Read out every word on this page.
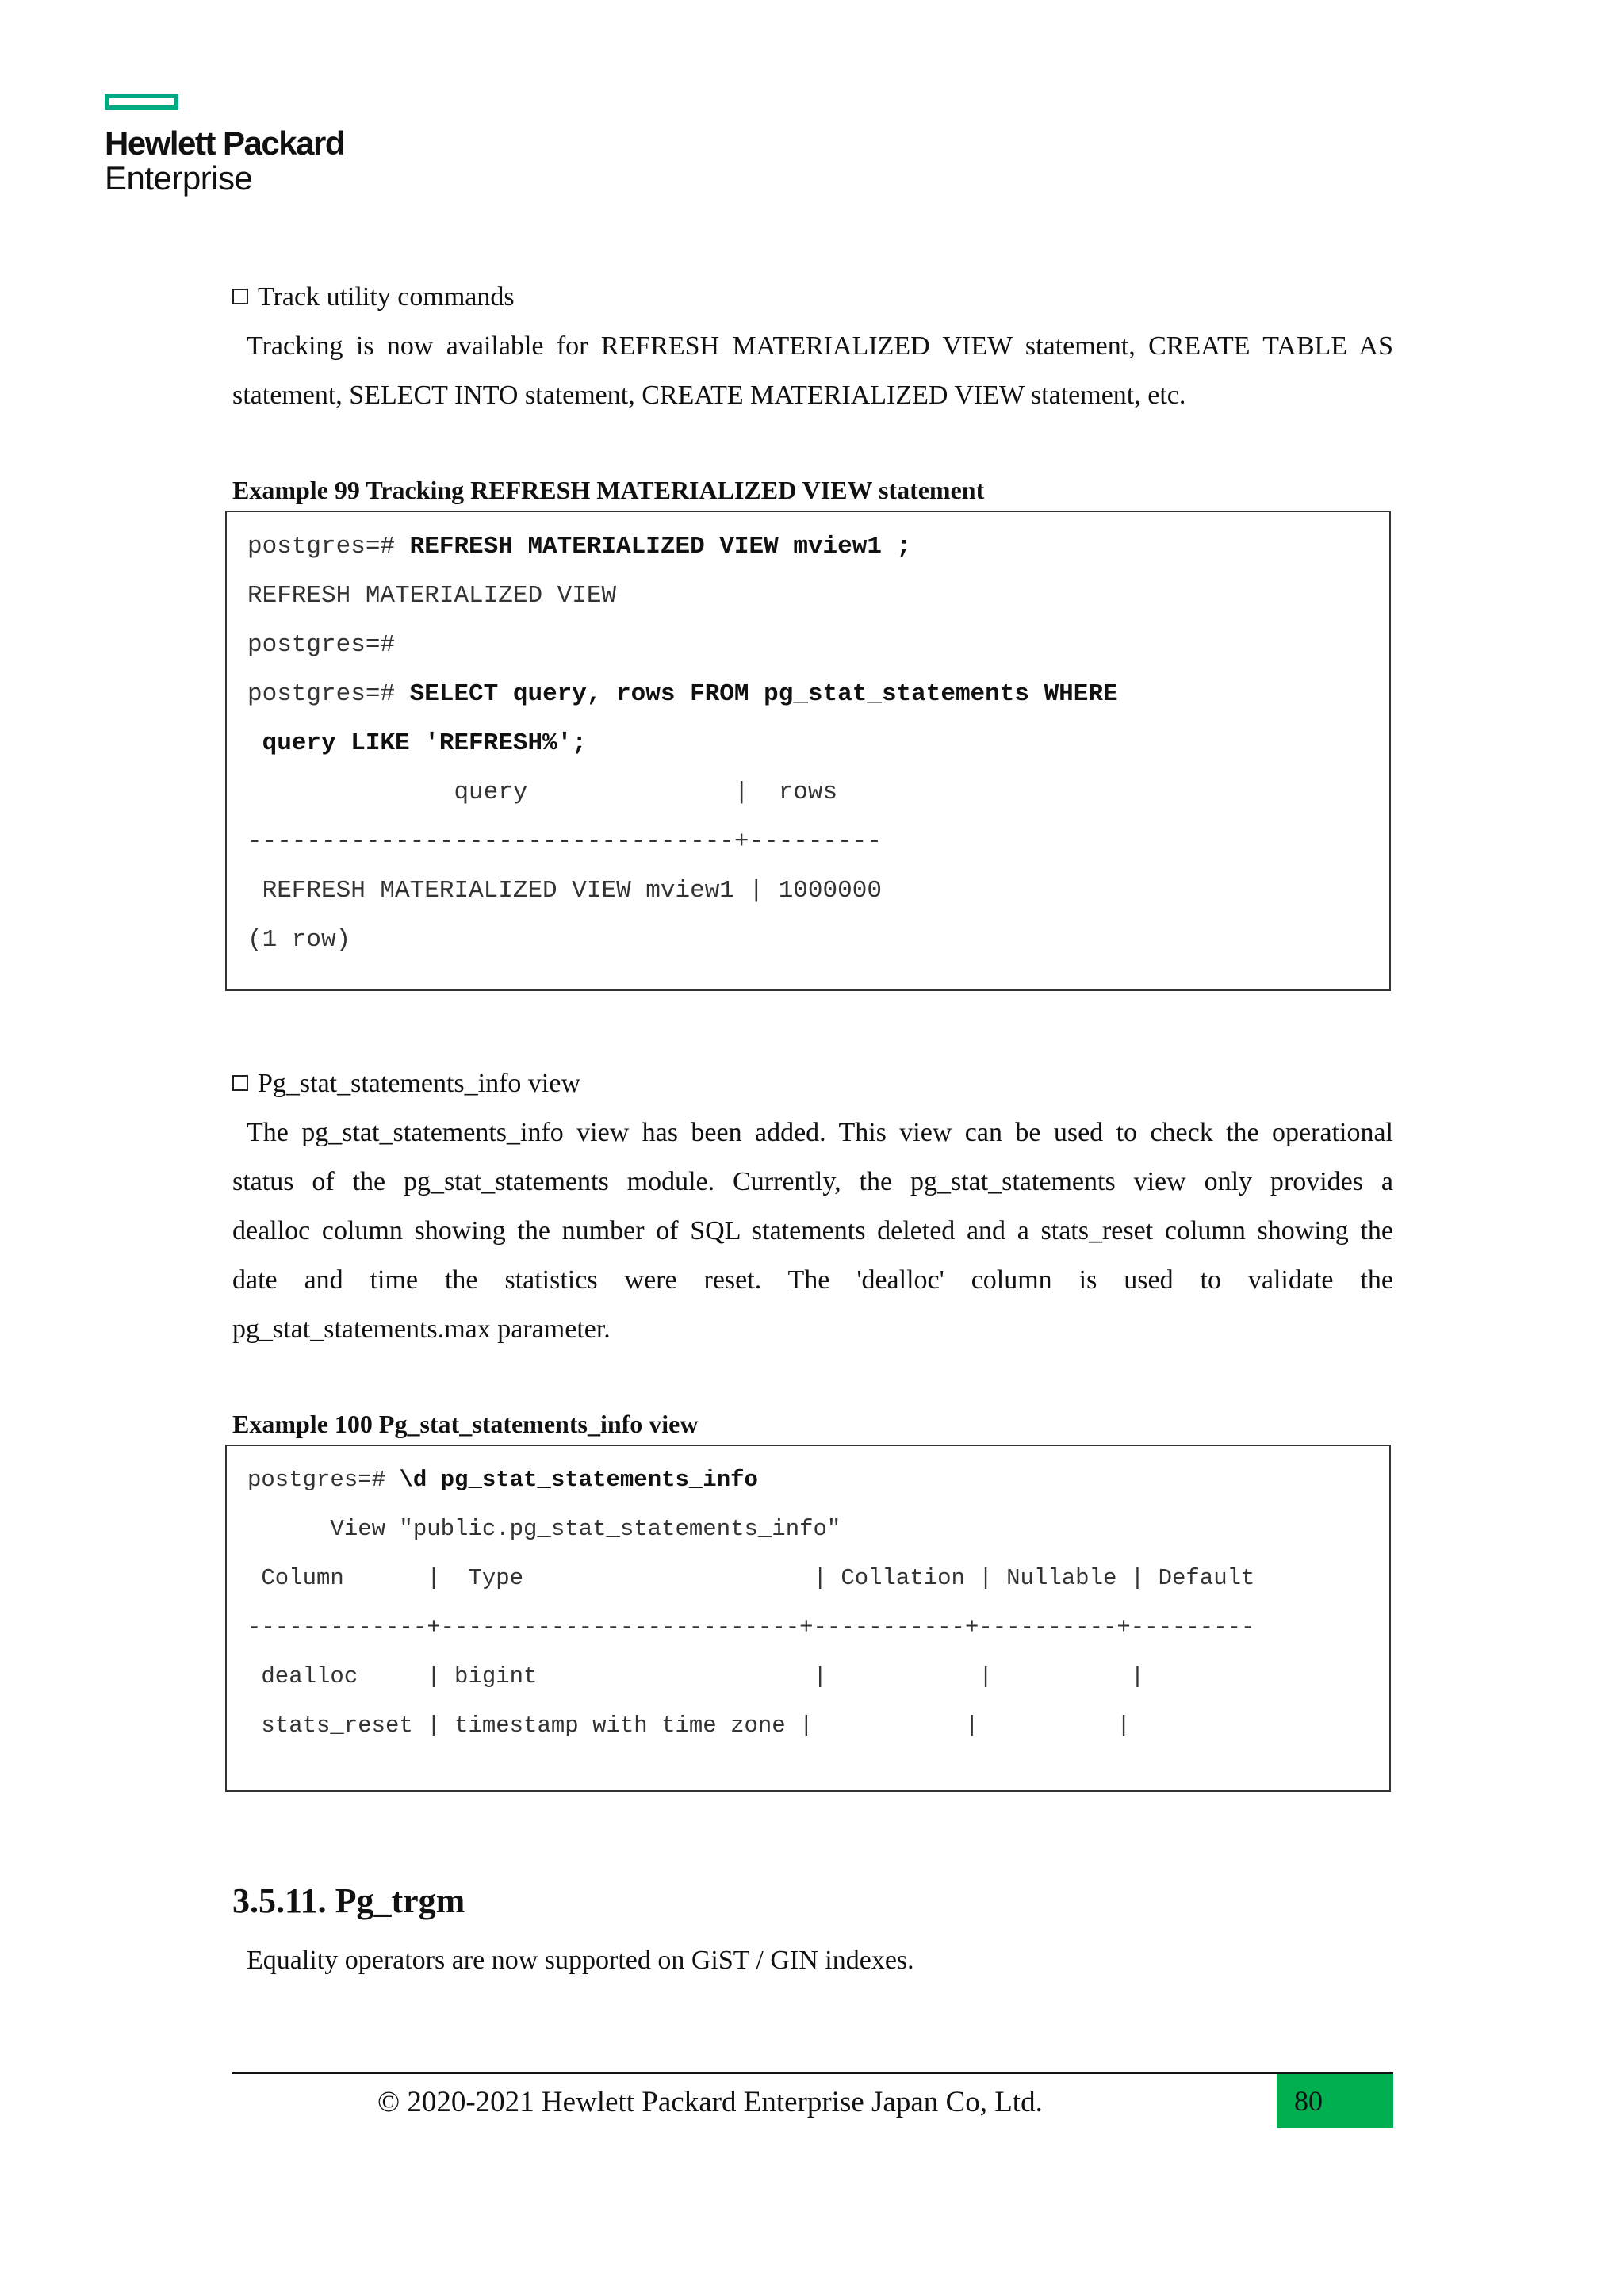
Hewlett Packard
Enterprise
Track utility commands
Tracking is now available for REFRESH MATERIALIZED VIEW statement, CREATE TABLE AS
statement, SELECT INTO statement, CREATE MATERIALIZED VIEW statement, etc.
Example 99 Tracking REFRESH MATERIALIZED VIEW statement
postgres=# REFRESH MATERIALIZED VIEW mview1 ;
REFRESH MATERIALIZED VIEW
postgres=#
postgres=# SELECT query, rows FROM pg_stat_statements WHERE
query LIKE 'REFRESH%';
query              |  rows
---------------------------------+---------
REFRESH MATERIALIZED VIEW mview1 | 1000000
(1 row)
Pg_stat_statements_info view
The pg_stat_statements_info view has been added. This view can be used to check the operational
status of the pg_stat_statements module. Currently, the pg_stat_statements view only provides a
dealloc column showing the number of SQL statements deleted and a stats_reset column showing the
date and time the statistics were reset. The 'dealloc' column is used to validate the
pg_stat_statements.max parameter.
Example 100 Pg_stat_statements_info view
postgres=# \d pg_stat_statements_info
View "public.pg_stat_statements_info"
Column      |  Type                     | Collation | Nullable | Default
-------------+--------------------------+-----------+----------+---------
dealloc     | bigint                    |           |          |
stats_reset | timestamp with time zone |           |          |
3.5.11. Pg_trgm
Equality operators are now supported on GiST / GIN indexes.
© 2020-2021 Hewlett Packard Enterprise Japan Co, Ltd.	80
